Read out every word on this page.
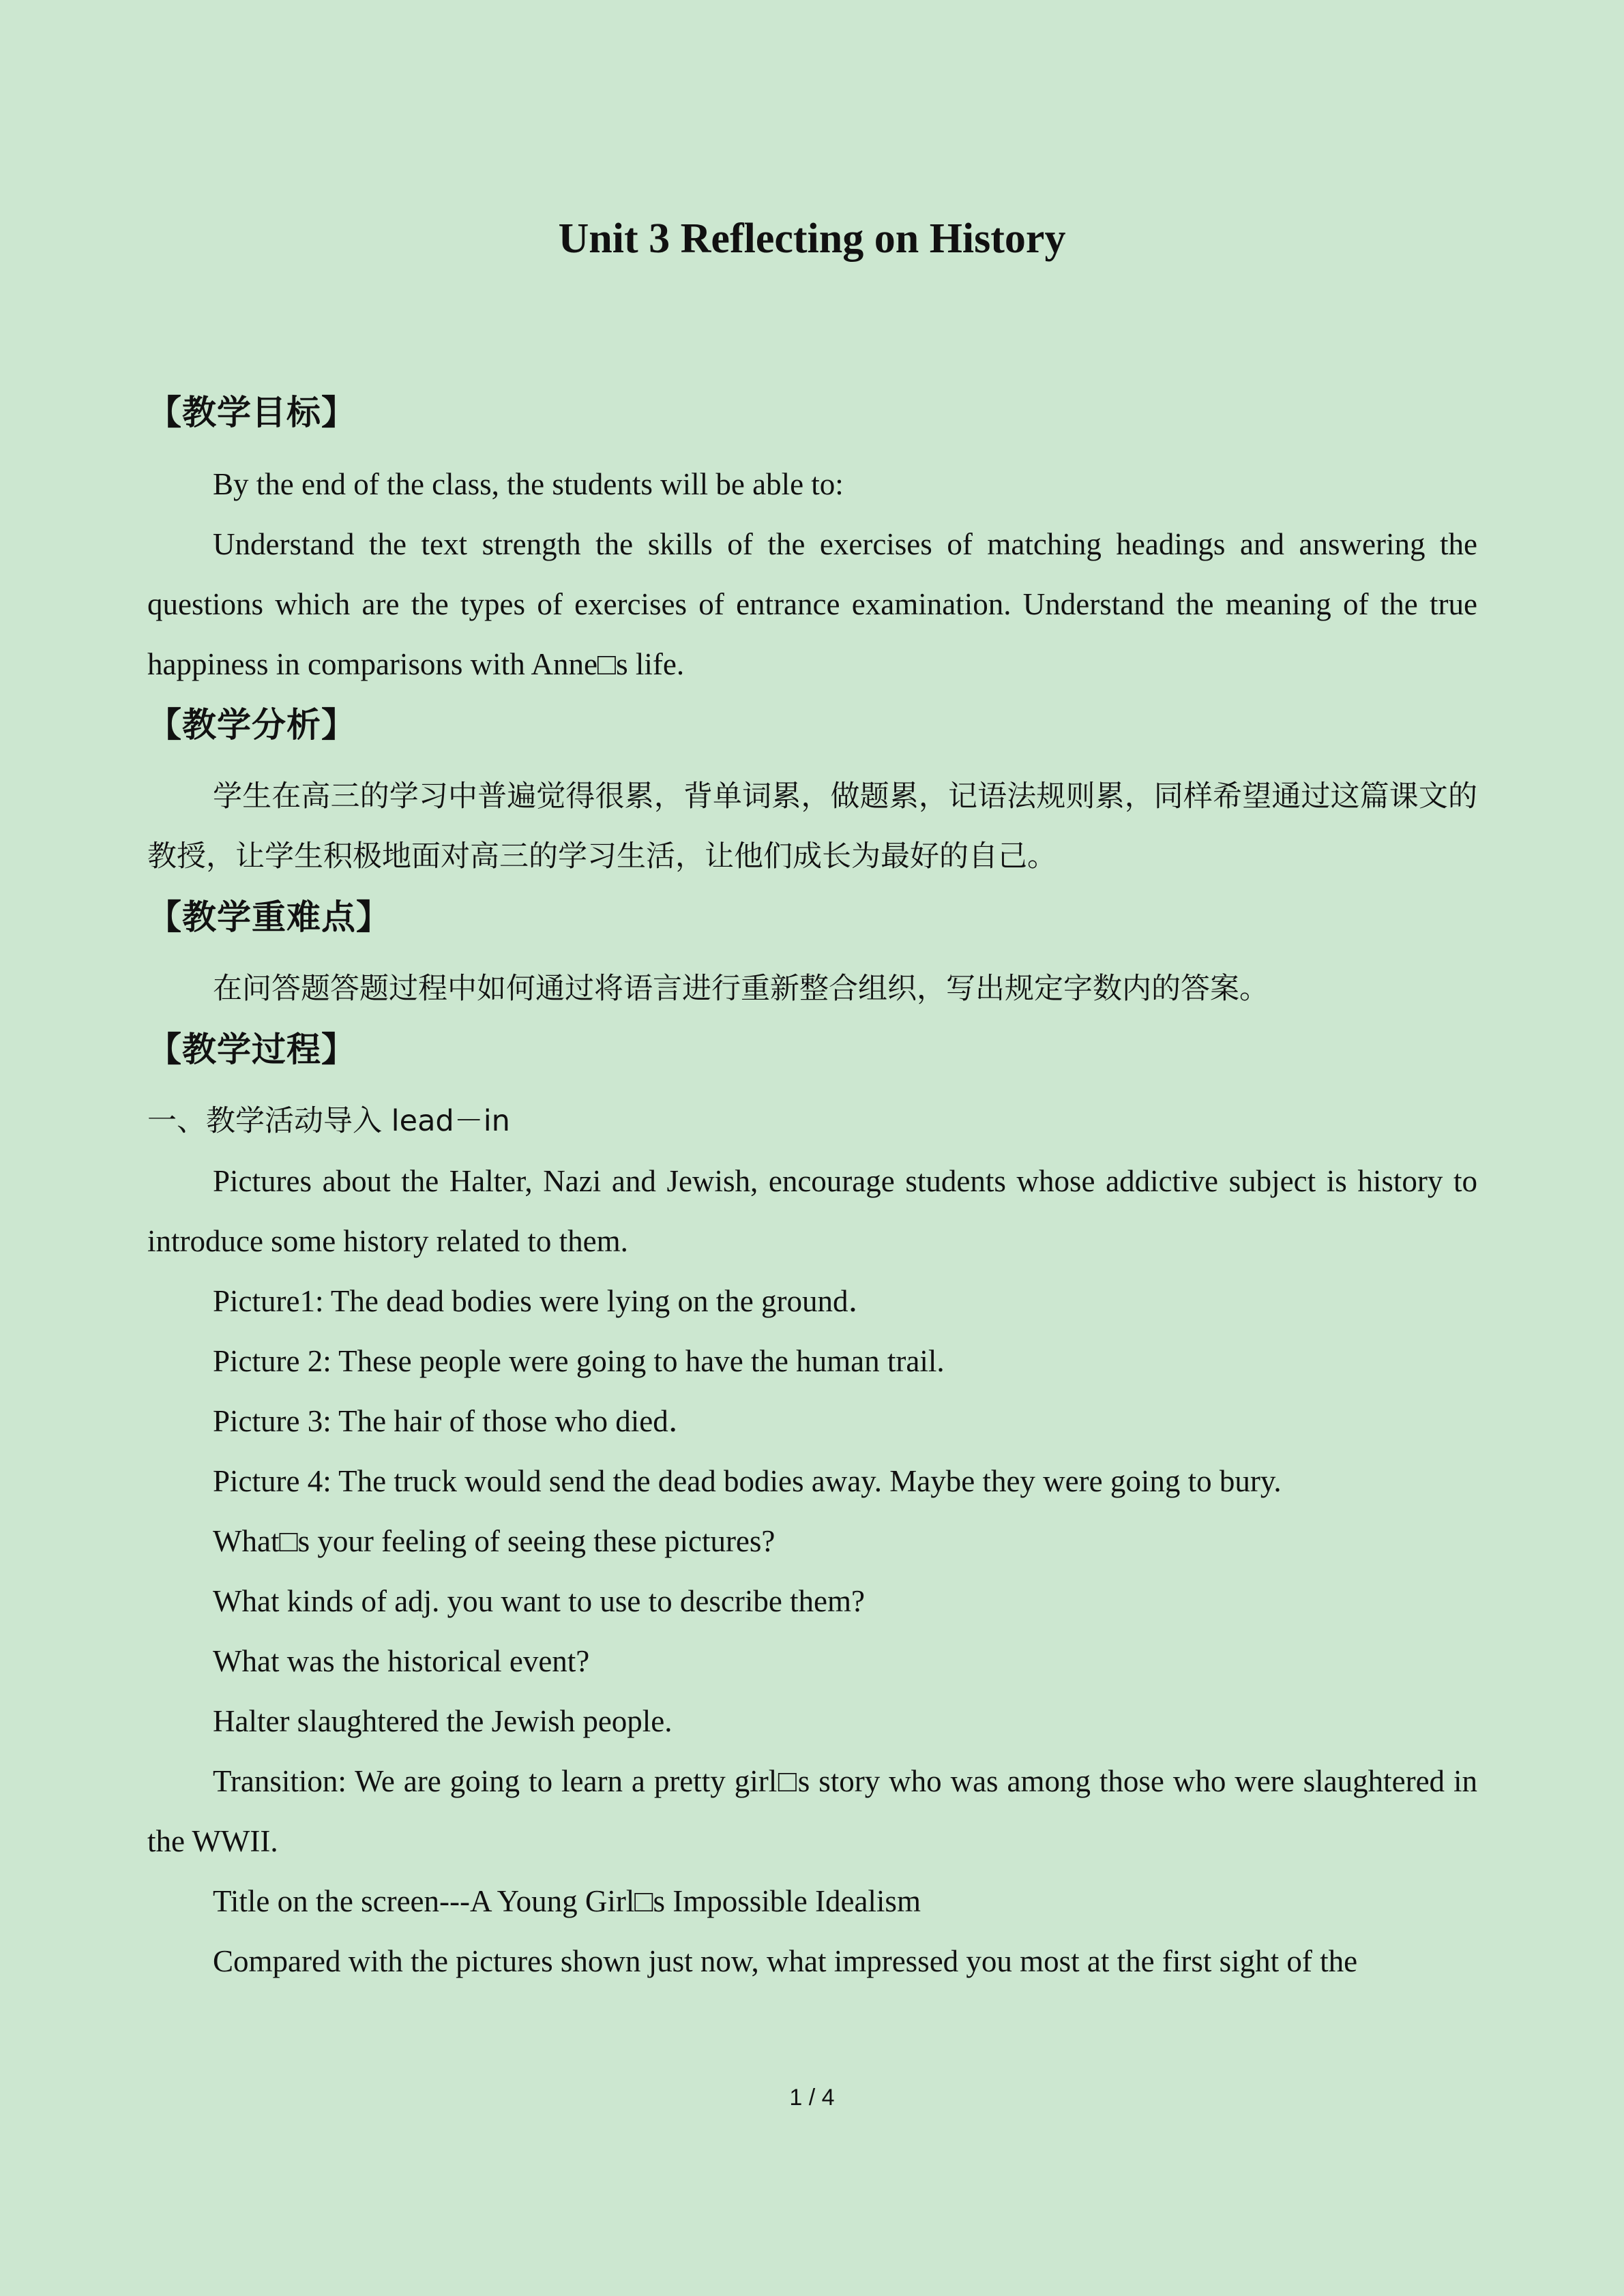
Unit 3 Reflecting on History
【教学目标】

By the end of the class, the students will be able to:

Understand the text strength the skills of the exercises of matching headings and answering the questions which are the types of exercises of entrance examination. Understand the meaning of the true happiness in comparisons with Anne□s life.

【教学分析】

学生在高三的学习中普遍觉得很累，背单词累，做题累，记语法规则累，同样希望通过这篇课文的教授，让学生积极地面对高三的学习生活，让他们成长为最好的自己。

【教学重难点】

在问答题答题过程中如何通过将语言进行重新整合组织，写出规定字数内的答案。

【教学过程】

一、教学活动导入 lead－in

Pictures about the Halter, Nazi and Jewish, encourage students whose addictive subject is history to introduce some history related to them.

Picture1: The dead bodies were lying on the ground．

Picture 2: These people were going to have the human trail.

Picture 3: The hair of those who died．

Picture 4: The truck would send the dead bodies away. Maybe they were going to bury.

What□s your feeling of seeing these pictures?

What kinds of adj. you want to use to describe them?

What was the historical event?

Halter slaughtered the Jewish people.

Transition: We are going to learn a pretty girl□s story who was among those who were slaughtered in the WWII.

Title on the screen---A Young Girl□s Impossible Idealism

Compared with the pictures shown just now, what impressed you most at the first sight of the

1 / 4
